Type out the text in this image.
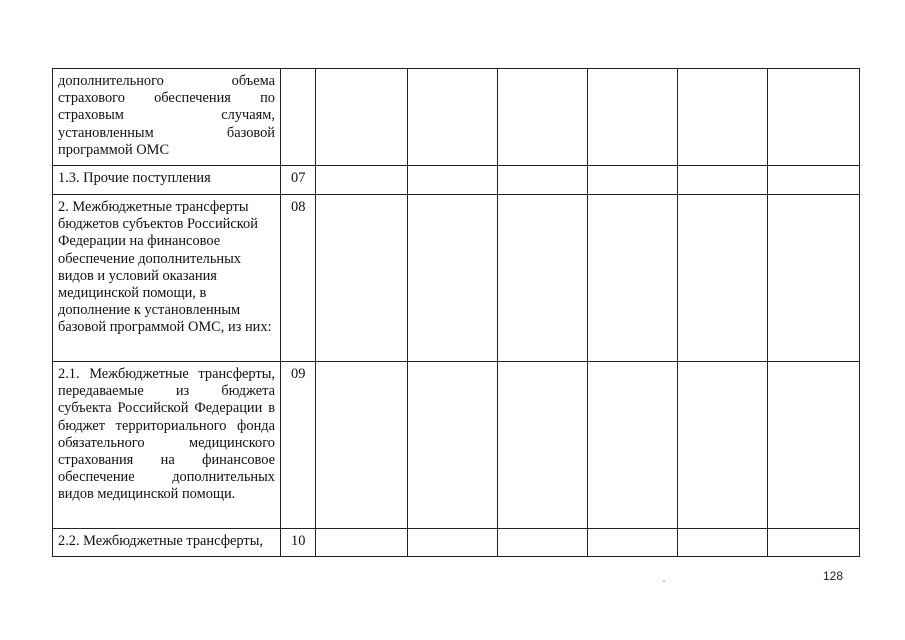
дополнительного объема страхового обеспечения по страховым случаям, установленным базовой программой ОМС							
1.3. Прочие поступления	07						
2. Межбюджетные трансферты бюджетов субъектов Российской Федерации на финансовое обеспечение дополнительных видов и условий оказания медицинской помощи, в дополнение к установленным базовой программой ОМС, из них:	08						
2.1. Межбюджетные трансферты, передаваемые из бюджета субъекта Российской Федерации в бюджет территориального фонда обязательного медицинского страхования на финансовое обеспечение дополнительных видов медицинской помощи.	09						
2.2. Межбюджетные трансферты,	10						
128
